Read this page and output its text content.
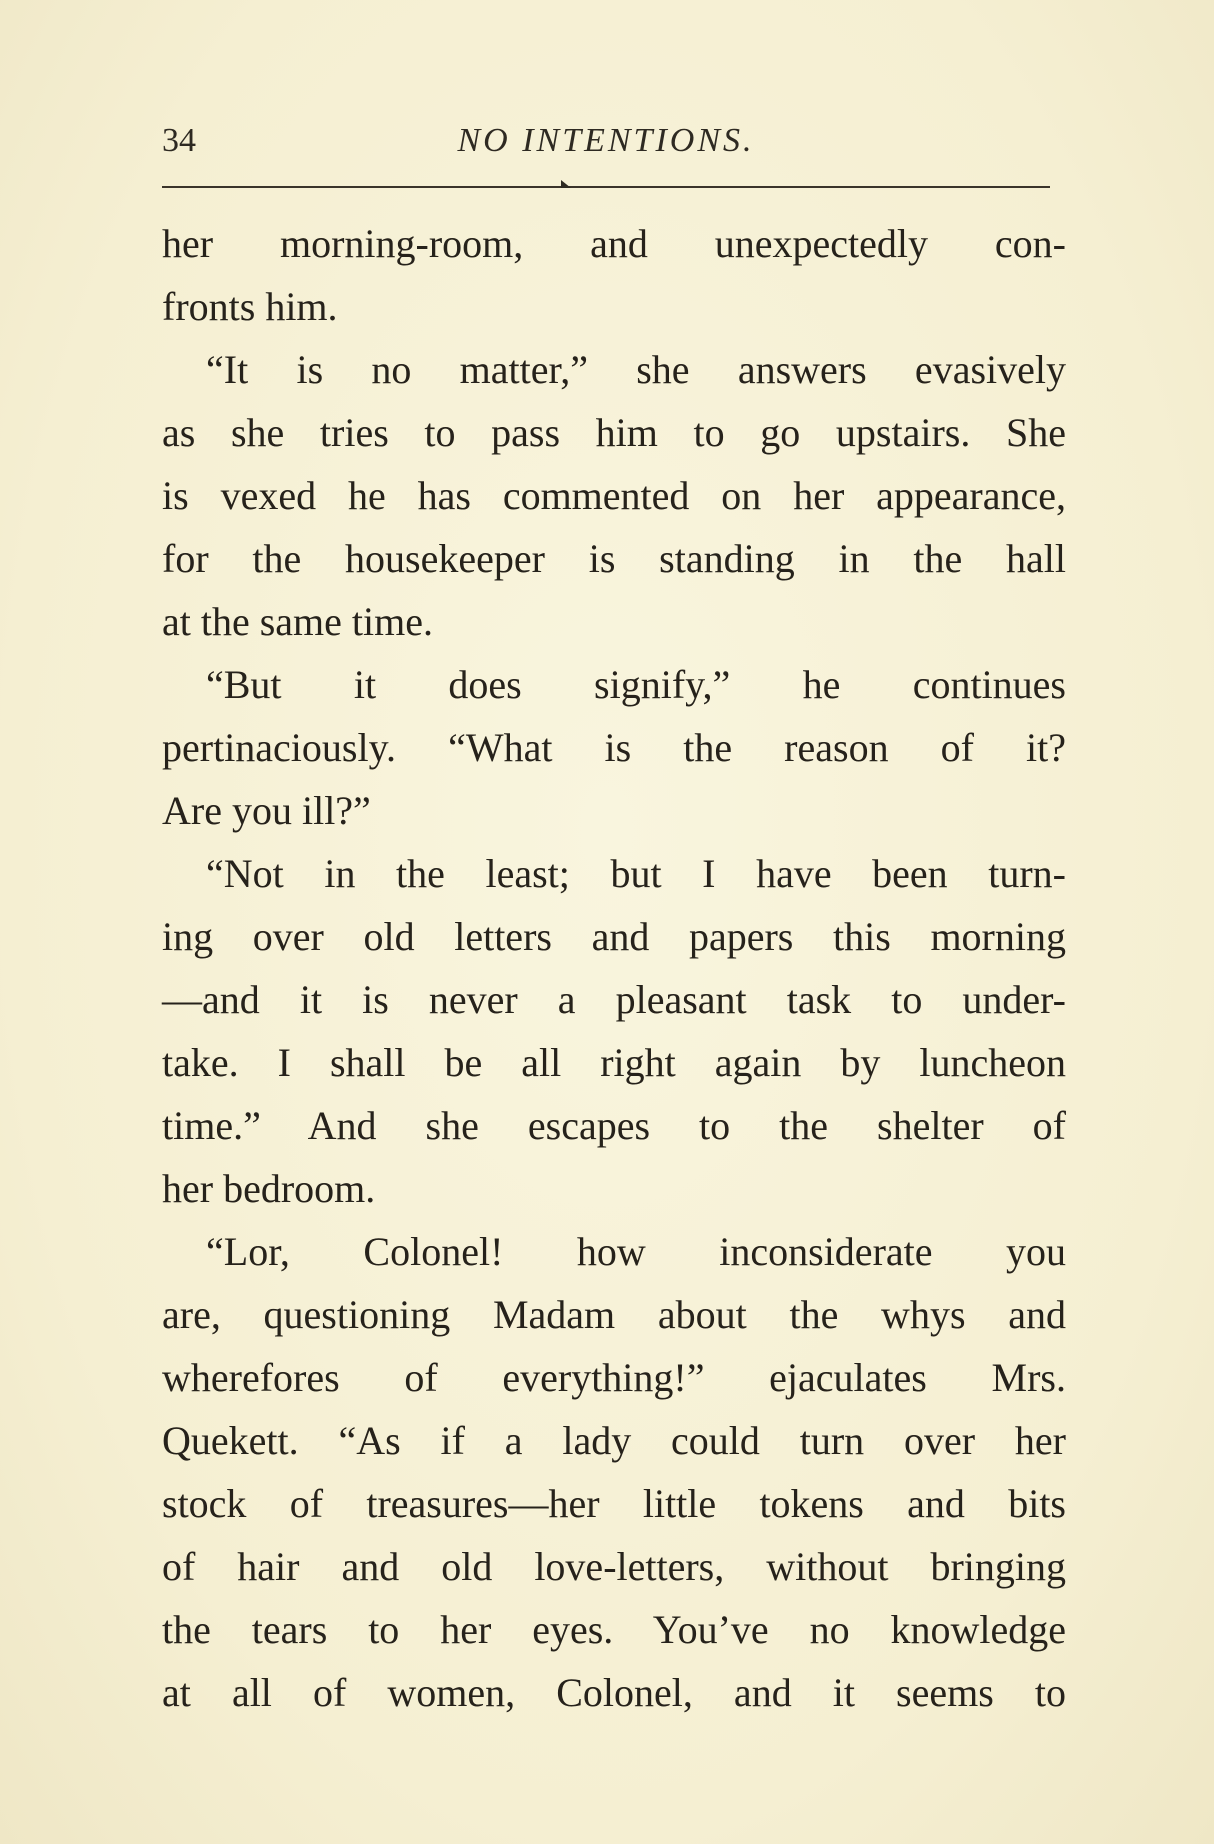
34	NO INTENTIONS.
her morning-room, and unexpectedly con-
fronts him.
“It is no matter,” she answers evasively
as she tries to pass him to go upstairs. She
is vexed he has commented on her appearance,
for the housekeeper is standing in the hall
at the same time.
“But it does signify,” he continues
pertinaciously. “What is the reason of it?
Are you ill?”
“Not in the least; but I have been turn-
ing over old letters and papers this morning
—and it is never a pleasant task to under-
take. I shall be all right again by luncheon
time.” And she escapes to the shelter of
her bedroom.
“Lor, Colonel! how inconsiderate you
are, questioning Madam about the whys and
wherefores of everything!” ejaculates Mrs.
Quekett. “As if a lady could turn over her
stock of treasures—her little tokens and bits
of hair and old love-letters, without bringing
the tears to her eyes. You’ve no knowledge
at all of women, Colonel, and it seems to
